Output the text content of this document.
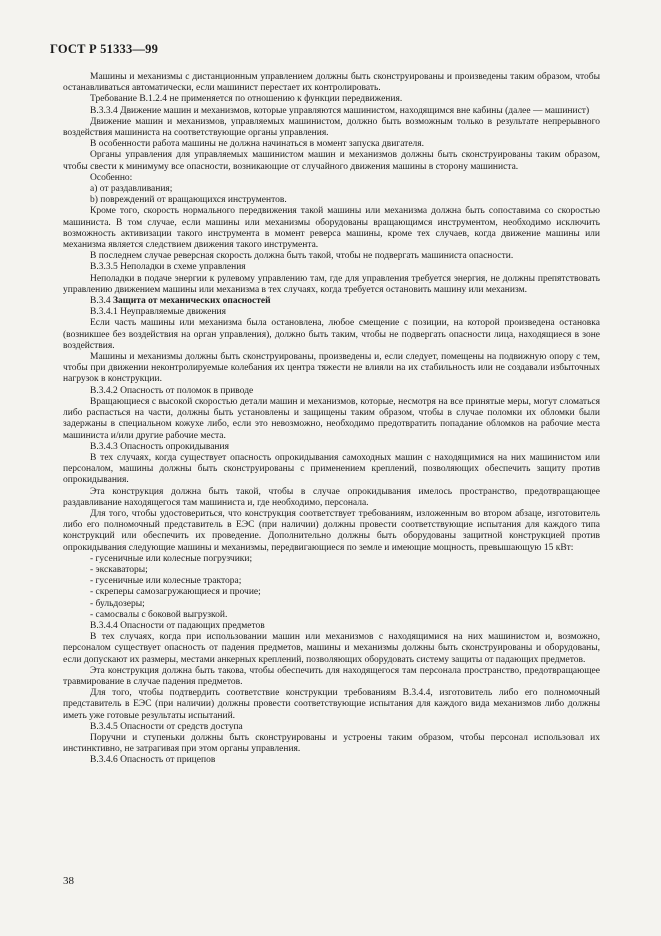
ГОСТ Р 51333—99

Машины и механизмы с дистанционным управлением должны быть сконструированы и произведены таким образом, чтобы останавливаться автоматически, если машинист перестает их контролировать.

Требование В.1.2.4 не применяется по отношению к функции передвижения.

В.3.3.4 Движение машин и механизмов, которые управляются машинистом, находящимся вне кабины (далее — машинист)

Движение машин и механизмов, управляемых машинистом, должно быть возможным только в результате непрерывного воздействия машиниста на соответствующие органы управления.

В особенности работа машины не должна начинаться в момент запуска двигателя.

Органы управления для управляемых машинистом машин и механизмов должны быть сконструированы таким образом, чтобы свести к минимуму все опасности, возникающие от случайного движения машины в сторону машиниста.

Особенно:

а) от раздавливания;

b) повреждений от вращающихся инструментов.

Кроме того, скорость нормального передвижения такой машины или механизма должна быть сопоставима со скоростью машиниста. В том случае, если машины или механизмы оборудованы вращающимся инструментом, необходимо исключить возможность активизации такого инструмента в момент реверса машины, кроме тех случаев, когда движение машины или механизма является следствием движения такого инструмента.

В последнем случае реверсная скорость должна быть такой, чтобы не подвергать машиниста опасности.

В.3.3.5 Неполадки в схеме управления

Неполадки в подаче энергии к рулевому управлению там, где для управления требуется энергия, не должны препятствовать управлению движением машины или механизма в тех случаях, когда требуется остановить машину или механизм.

В.3.4 Защита от механических опасностей

В.3.4.1 Неуправляемые движения

Если часть машины или механизма была остановлена, любое смещение с позиции, на которой произведена остановка (возникшее без воздействия на орган управления), должно быть таким, чтобы не подвергать опасности лица, находящиеся в зоне воздействия.

Машины и механизмы должны быть сконструированы, произведены и, если следует, помещены на подвижную опору с тем, чтобы при движении неконтролируемые колебания их центра тяжести не влияли на их стабильность или не создавали избыточных нагрузок в конструкции.

В.3.4.2 Опасность от поломок в приводе

Вращающиеся с высокой скоростью детали машин и механизмов, которые, несмотря на все принятые меры, могут сломаться либо распасться на части, должны быть установлены и защищены таким образом, чтобы в случае поломки их обломки были задержаны в специальном кожухе либо, если это невозможно, необходимо предотвратить попадание обломков на рабочие места машиниста и/или другие рабочие места.

В.3.4.3 Опасность опрокидывания

В тех случаях, когда существует опасность опрокидывания самоходных машин с находящимися на них машинистом или персоналом, машины должны быть сконструированы с применением креплений, позволяющих обеспечить защиту против опрокидывания.

Эта конструкция должна быть такой, чтобы в случае опрокидывания имелось пространство, предотвращающее раздавливание находящегося там машиниста и, где необходимо, персонала.

Для того, чтобы удостовериться, что конструкция соответствует требованиям, изложенным во втором абзаце, изготовитель либо его полномочный представитель в ЕЭС (при наличии) должны провести соответствующие испытания для каждого типа конструкций или обеспечить их проведение. Дополнительно должны быть оборудованы защитной конструкцией против опрокидывания следующие машины и механизмы, передвигающиеся по земле и имеющие мощность, превышающую 15 кВт:

- гусеничные или колесные погрузчики;

- экскаваторы;

- гусеничные или колесные трактора;

- скреперы самозагружающиеся и прочие;

- бульдозеры;

- самосвалы с боковой выгрузкой.

В.3.4.4 Опасности от падающих предметов

В тех случаях, когда при использовании машин или механизмов с находящимися на них машинистом и, возможно, персоналом существует опасность от падения предметов, машины и механизмы должны быть сконструированы и оборудованы, если допускают их размеры, местами анкерных креплений, позволяющих оборудовать систему защиты от падающих предметов.

Эта конструкция должна быть такова, чтобы обеспечить для находящегося там персонала пространство, предотвращающее травмирование в случае падения предметов.

Для того, чтобы подтвердить соответствие конструкции требованиям В.3.4.4, изготовитель либо его полномочный представитель в ЕЭС (при наличии) должны провести соответствующие испытания для каждого вида механизмов либо должны иметь уже готовые результаты испытаний.

В.3.4.5 Опасности от средств доступа

Поручни и ступеньки должны быть сконструированы и устроены таким образом, чтобы персонал использовал их инстинктивно, не затрагивая при этом органы управления.

В.3.4.6 Опасность от прицепов

38
